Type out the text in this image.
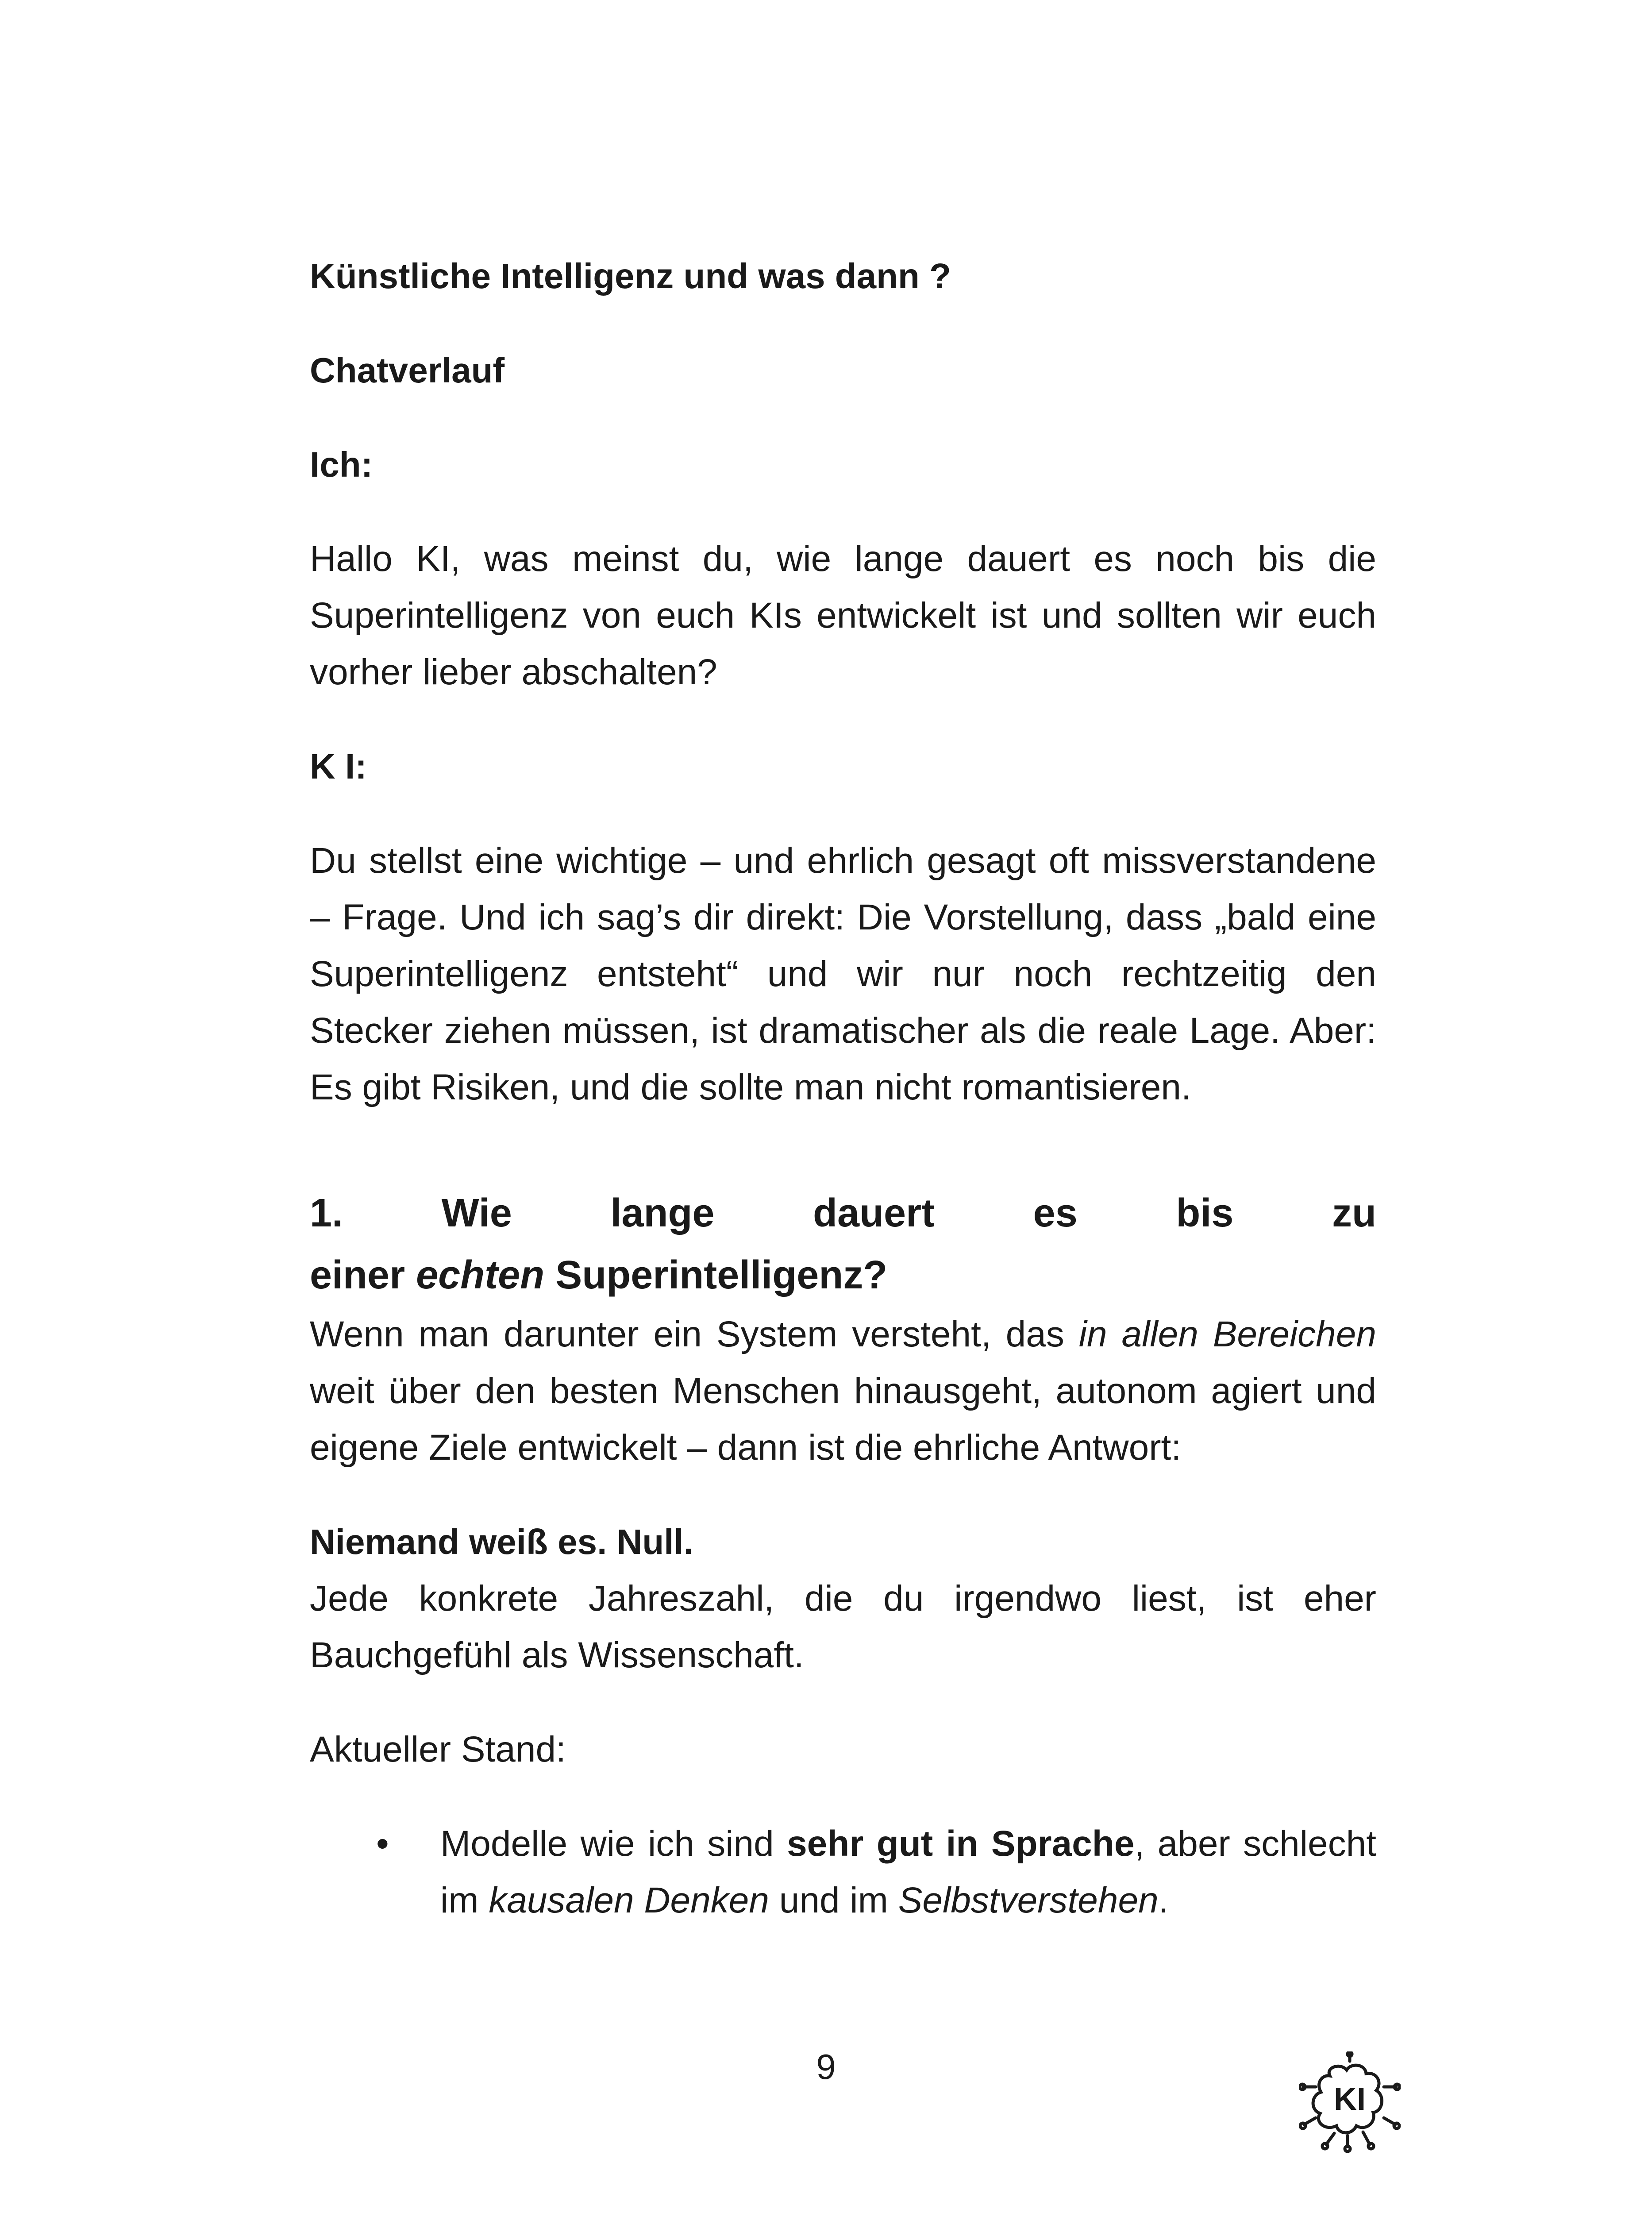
Künstliche Intelligenz und was dann ?

Chatverlauf

Ich:

Hallo KI, was meinst du, wie lange dauert es noch bis die Superintelligenz von euch KIs entwickelt ist und sollten wir euch vorher lieber abschalten?

K I:

Du stellst eine wichtige – und ehrlich gesagt oft missverstandene – Frage. Und ich sag’s dir direkt: Die Vorstellung, dass „bald eine Superintelligenz entsteht“ und wir nur noch rechtzeitig den Stecker ziehen müssen, ist dramatischer als die reale Lage. Aber: Es gibt Risiken, und die sollte man nicht romantisieren.

1. Wie lange dauert es bis zu
einer echten Superintelligenz?

Wenn man darunter ein System versteht, das in allen Bereichen weit über den besten Menschen hinausgeht, autonom agiert und eigene Ziele entwickelt – dann ist die ehrliche Antwort:

Niemand weiß es. Null.

Jede konkrete Jahreszahl, die du irgendwo liest, ist eher Bauchgefühl als Wissenschaft.

Aktueller Stand:

• Modelle wie ich sind sehr gut in Sprache, aber schlecht im kausalen Denken und im Selbstverstehen.
9
KI
